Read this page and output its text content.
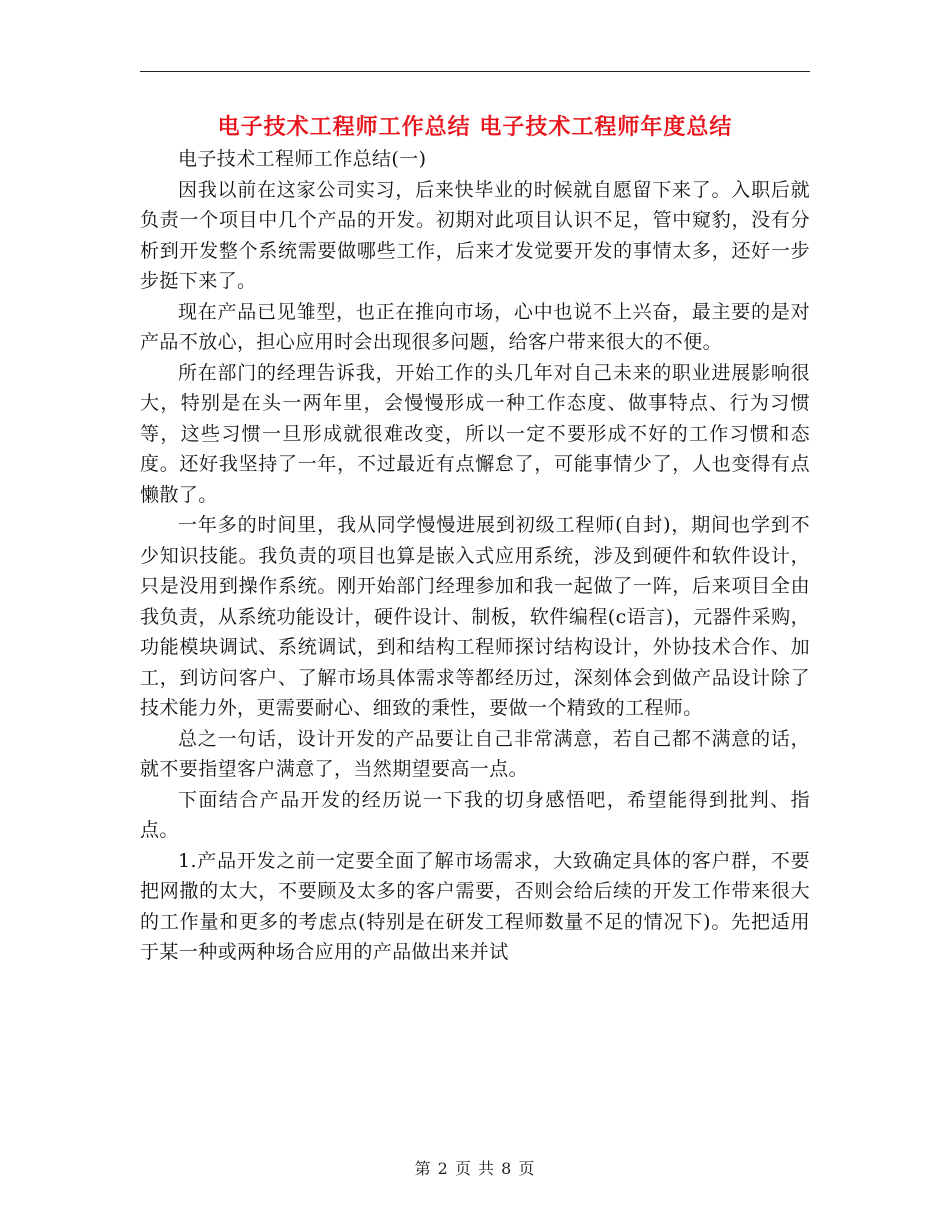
电子技术工程师工作总结 电子技术工程师年度总结

电子技术工程师工作总结(一)

因我以前在这家公司实习，后来快毕业的时候就自愿留下来了。入职后就负责一个项目中几个产品的开发。初期对此项目认识不足，管中窥豹，没有分析到开发整个系统需要做哪些工作，后来才发觉要开发的事情太多，还好一步步挺下来了。

现在产品已见雏型，也正在推向市场，心中也说不上兴奋，最主要的是对产品不放心，担心应用时会出现很多问题，给客户带来很大的不便。

所在部门的经理告诉我，开始工作的头几年对自己未来的职业进展影响很大，特别是在头一两年里，会慢慢形成一种工作态度、做事特点、行为习惯等，这些习惯一旦形成就很难改变，所以一定不要形成不好的工作习惯和态度。还好我坚持了一年，不过最近有点懈怠了，可能事情少了，人也变得有点懒散了。

一年多的时间里，我从同学慢慢进展到初级工程师(自封)，期间也学到不少知识技能。我负责的项目也算是嵌入式应用系统，涉及到硬件和软件设计，只是没用到操作系统。刚开始部门经理参加和我一起做了一阵，后来项目全由我负责，从系统功能设计，硬件设计、制板，软件编程(c语言)，元器件采购，功能模块调试、系统调试，到和结构工程师探讨结构设计，外协技术合作、加工，到访问客户、了解市场具体需求等都经历过，深刻体会到做产品设计除了技术能力外，更需要耐心、细致的秉性，要做一个精致的工程师。

总之一句话，设计开发的产品要让自己非常满意，若自己都不满意的话，就不要指望客户满意了，当然期望要高一点。

下面结合产品开发的经历说一下我的切身感悟吧，希望能得到批判、指点。

1.产品开发之前一定要全面了解市场需求，大致确定具体的客户群，不要把网撒的太大，不要顾及太多的客户需要，否则会给后续的开发工作带来很大的工作量和更多的考虑点(特别是在研发工程师数量不足的情况下)。先把适用于某一种或两种场合应用的产品做出来并试

第 2 页 共 8 页
